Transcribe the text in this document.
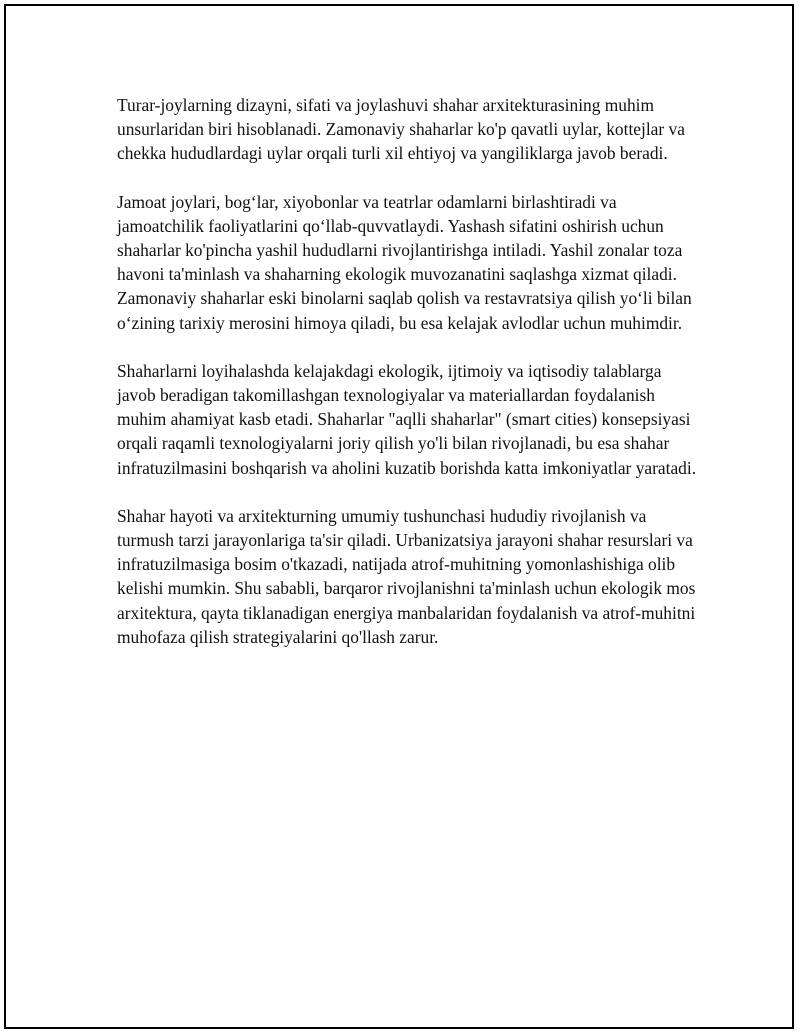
Turar-joylarning dizayni, sifati va joylashuvi shahar arxitekturasining muhim unsurlaridan biri hisoblanadi. Zamonaviy shaharlar ko'p qavatli uylar, kottejlar va chekka hududlardagi uylar orqali turli xil ehtiyoj va yangiliklarga javob beradi.

Jamoat joylari, bog‘lar, xiyobonlar va teatrlar odamlarni birlashtiradi va jamoatchilik faoliyatlarini qo‘llab-quvvatlaydi. Yashash sifatini oshirish uchun shaharlar ko'pincha yashil hududlarni rivojlantirishga intiladi. Yashil zonalar toza havoni ta'minlash va shaharning ekologik muvozanatini saqlashga xizmat qiladi. Zamonaviy shaharlar eski binolarni saqlab qolish va restavratsiya qilish yo‘li bilan o‘zining tarixiy merosini himoya qiladi, bu esa kelajak avlodlar uchun muhimdir.

Shaharlarni loyihalashda kelajakdagi ekologik, ijtimoiy va iqtisodiy talablarga javob beradigan takomillashgan texnologiyalar va materiallardan foydalanish muhim ahamiyat kasb etadi. Shaharlar "aqlli shaharlar" (smart cities) konsepsiyasi orqali raqamli texnologiyalarni joriy qilish yo'li bilan rivojlanadi, bu esa shahar infratuzilmasini boshqarish va aholini kuzatib borishda katta imkoniyatlar yaratadi.

Shahar hayoti va arxitekturning umumiy tushunchasi hududiy rivojlanish va turmush tarzi jarayonlariga ta'sir qiladi. Urbanizatsiya jarayoni shahar resurslari va infratuzilmasiga bosim o'tkazadi, natijada atrof-muhitning yomonlashishiga olib kelishi mumkin. Shu sababli, barqaror rivojlanishni ta'minlash uchun ekologik mos arxitektura, qayta tiklanadigan energiya manbalaridan foydalanish va atrof-muhitni muhofaza qilish strategiyalarini qo'llash zarur.
